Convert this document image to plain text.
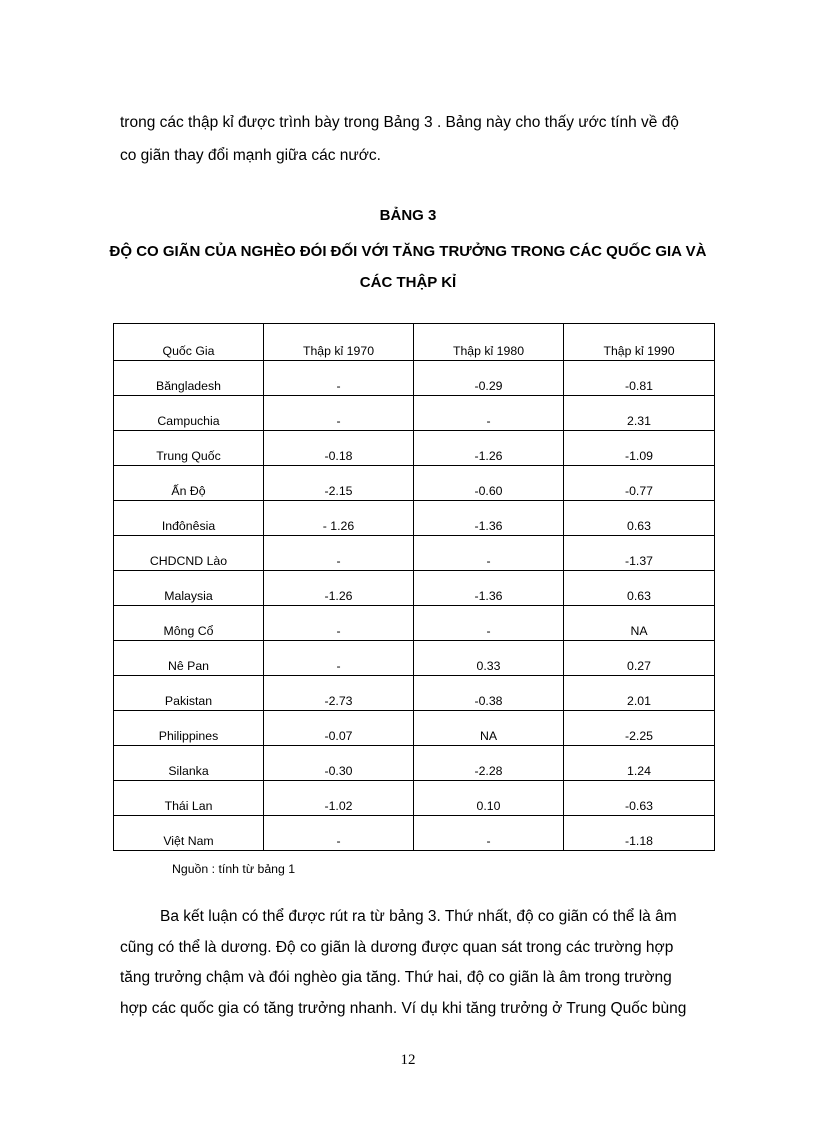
trong các thập kỉ được trình bày trong Bảng 3 . Bảng này cho thấy ước tính về độ co giãn thay đổi mạnh giữa các nước.

BẢNG 3
ĐỘ CO GIÃN CỦA NGHÈO ĐÓI ĐỐI VỚI TĂNG TRƯỞNG TRONG CÁC QUỐC GIA VÀ CÁC THẬP KỈ
Quốc Gia	Thập kỉ 1970	Thập kỉ 1980	Thập kỉ 1990
Băngladesh	-	-0.29	-0.81
Campuchia	-	-	2.31
Trung Quốc	-0.18	-1.26	-1.09
Ấn Độ	-2.15	-0.60	-0.77
Inđônêsia	- 1.26	-1.36	0.63
CHDCND Lào	-	-	-1.37
Malaysia	-1.26	-1.36	0.63
Mông Cổ	-	-	NA
Nê Pan	-	0.33	0.27
Pakistan	-2.73	-0.38	2.01
Philippines	-0.07	NA	-2.25
Silanka	-0.30	-2.28	1.24
Thái Lan	-1.02	0.10	-0.63
Việt Nam	-	-	-1.18
Nguồn : tính từ bảng 1
Ba kết luận có thể được rút ra từ bảng 3. Thứ nhất, độ co giãn có thể là âm
cũng có thể là dương. Độ co giãn là dương được quan sát trong các trường hợp
tăng trưởng chậm và đói nghèo gia tăng. Thứ hai, độ co giãn là âm trong trường
hợp các quốc gia có tăng trưởng nhanh. Ví dụ khi tăng trưởng ở Trung Quốc bùng
12
